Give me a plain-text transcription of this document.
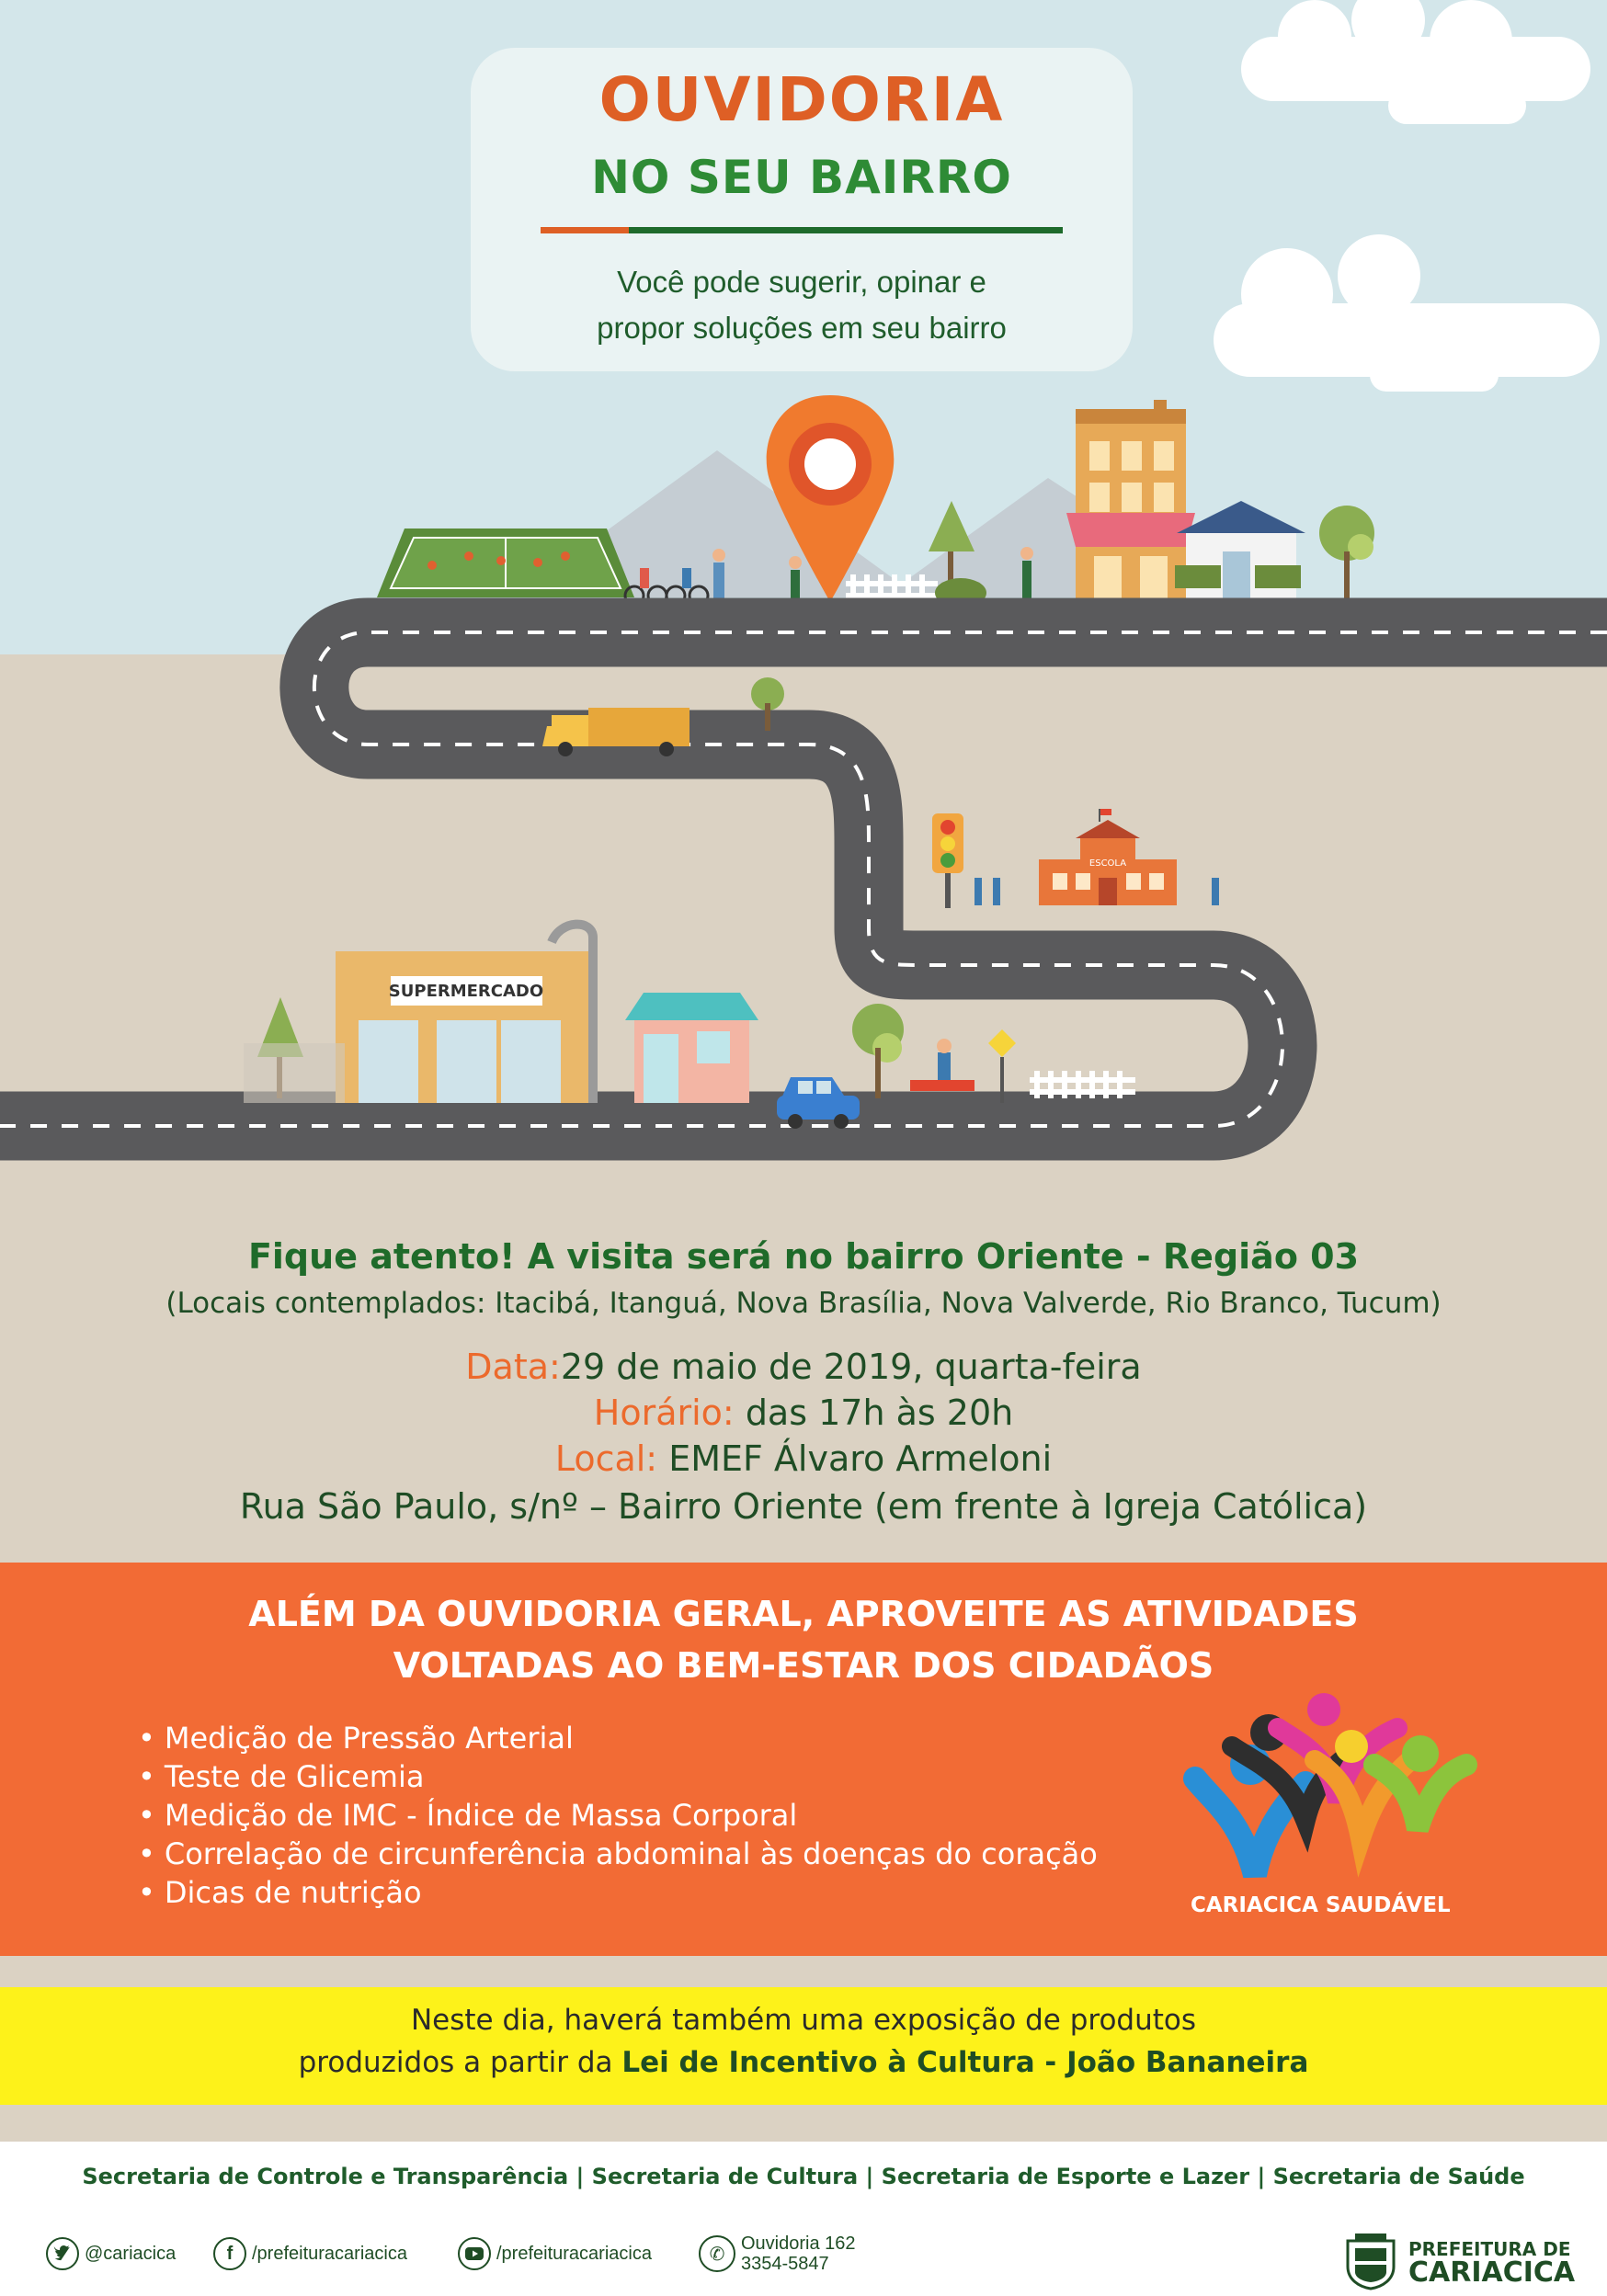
ESCOLA
SUPERMERCADO
OUVIDORIA
NO SEU BAIRRO
Você pode sugerir, opinar e
propor soluções em seu bairro
Fique atento! A visita será no bairro Oriente - Região 03
(Locais contemplados: Itacibá, Itanguá, Nova Brasília, Nova Valverde, Rio Branco, Tucum)
Data:29 de maio de 2019, quarta-feira
Horário: das 17h às 20h
Local: EMEF Álvaro Armeloni
Rua São Paulo, s/nº – Bairro Oriente (em frente à Igreja Católica)
ALÉM DA OUVIDORIA GERAL, APROVEITE AS ATIVIDADES
VOLTADAS AO BEM-ESTAR DOS CIDADÃOS
• Medição de Pressão Arterial
• Teste de Glicemia
• Medição de IMC - Índice de Massa Corporal
• Correlação de circunferência abdominal às doenças do coração
• Dicas de nutrição	CARIACICA SAUDÁVEL
Neste dia, haverá também uma exposição de produtos
produzidos a partir da Lei de Incentivo à Cultura - João Bananeira
Secretaria de Controle e Transparência | Secretaria de Cultura | Secretaria de Esporte e Lazer | Secretaria de Saúde
@cariacica	f /prefeituracariacica	/prefeituracariacica	✆ Ouvidoria 162
3354-5847
PREFEITURA DE
CARIACICA
